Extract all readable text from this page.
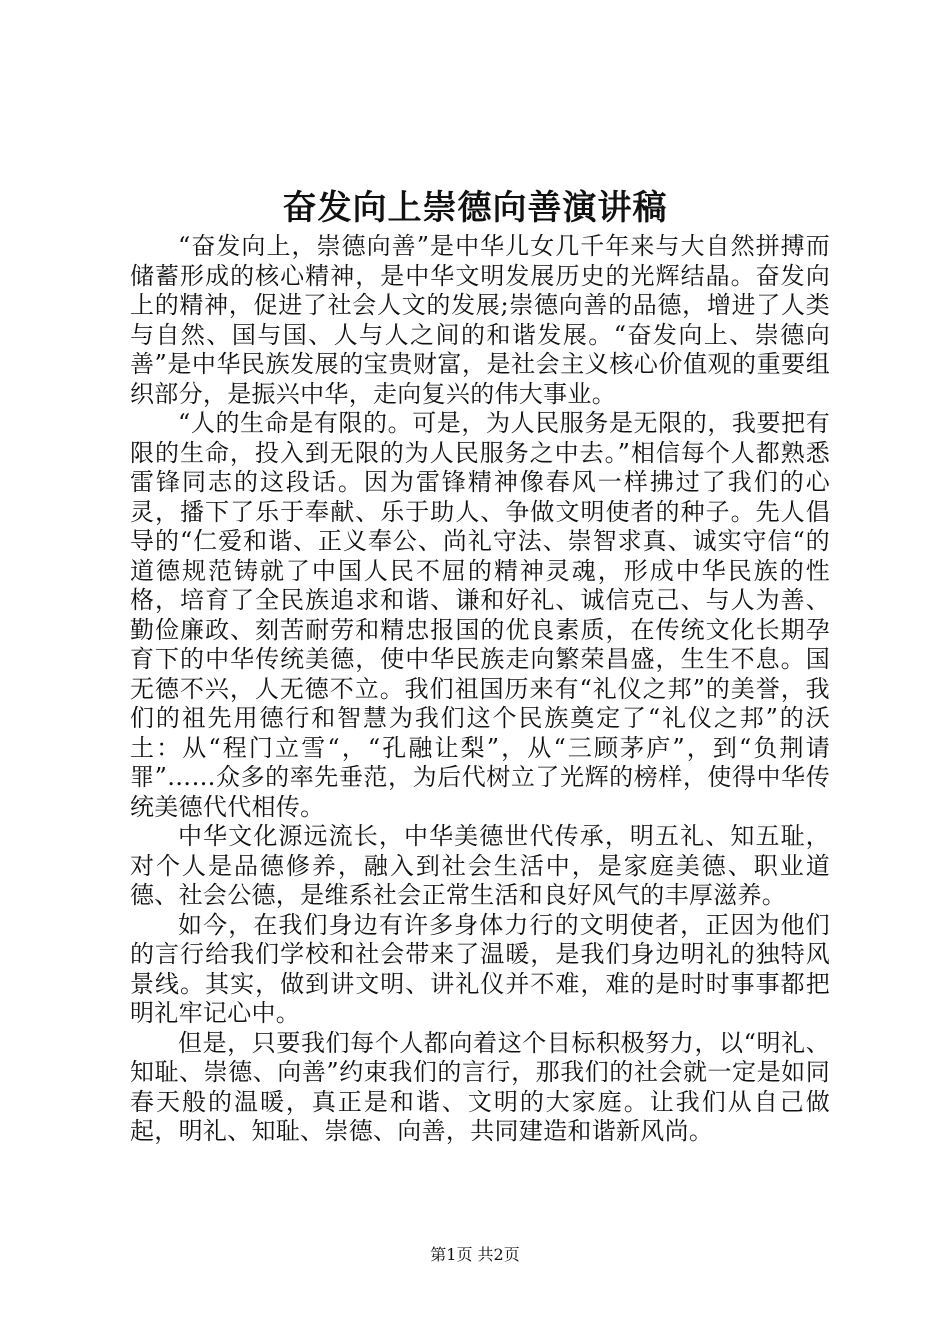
奋发向上崇德向善演讲稿

“奋发向上，崇德向善”是中华儿女几千年来与大自然拼搏而储蓄形成的核心精神，是中华文明发展历史的光辉结晶。奋发向上的精神，促进了社会人文的发展;崇德向善的品德，增进了人类与自然、国与国、人与人之间的和谐发展。“奋发向上、崇德向善”是中华民族发展的宝贵财富，是社会主义核心价值观的重要组织部分，是振兴中华，走向复兴的伟大事业。

“人的生命是有限的。可是，为人民服务是无限的，我要把有限的生命，投入到无限的为人民服务之中去。”相信每个人都熟悉雷锋同志的这段话。因为雷锋精神像春风一样拂过了我们的心灵，播下了乐于奉献、乐于助人、争做文明使者的种子。先人倡导的“仁爱和谐、正义奉公、尚礼守法、崇智求真、诚实守信“的道德规范铸就了中国人民不屈的精神灵魂，形成中华民族的性格，培育了全民族追求和谐、谦和好礼、诚信克己、与人为善、勤俭廉政、刻苦耐劳和精忠报国的优良素质，在传统文化长期孕育下的中华传统美德，使中华民族走向繁荣昌盛，生生不息。国无德不兴，人无德不立。我们祖国历来有“礼仪之邦”的美誉，我们的祖先用德行和智慧为我们这个民族奠定了“礼仪之邦”的沃土：从“程门立雪“，“孔融让梨”，从“三顾茅庐”，到“负荆请罪”……众多的率先垂范，为后代树立了光辉的榜样，使得中华传统美德代代相传。

中华文化源远流长，中华美德世代传承，明五礼、知五耻，对个人是品德修养，融入到社会生活中，是家庭美德、职业道德、社会公德，是维系社会正常生活和良好风气的丰厚滋养。

如今，在我们身边有许多身体力行的文明使者，正因为他们的言行给我们学校和社会带来了温暖，是我们身边明礼的独特风景线。其实，做到讲文明、讲礼仪并不难，难的是时时事事都把明礼牢记心中。

但是，只要我们每个人都向着这个目标积极努力，以“明礼、知耻、崇德、向善”约束我们的言行，那我们的社会就一定是如同春天般的温暖，真正是和谐、文明的大家庭。让我们从自己做起，明礼、知耻、崇德、向善，共同建造和谐新风尚。

第1页 共2页
